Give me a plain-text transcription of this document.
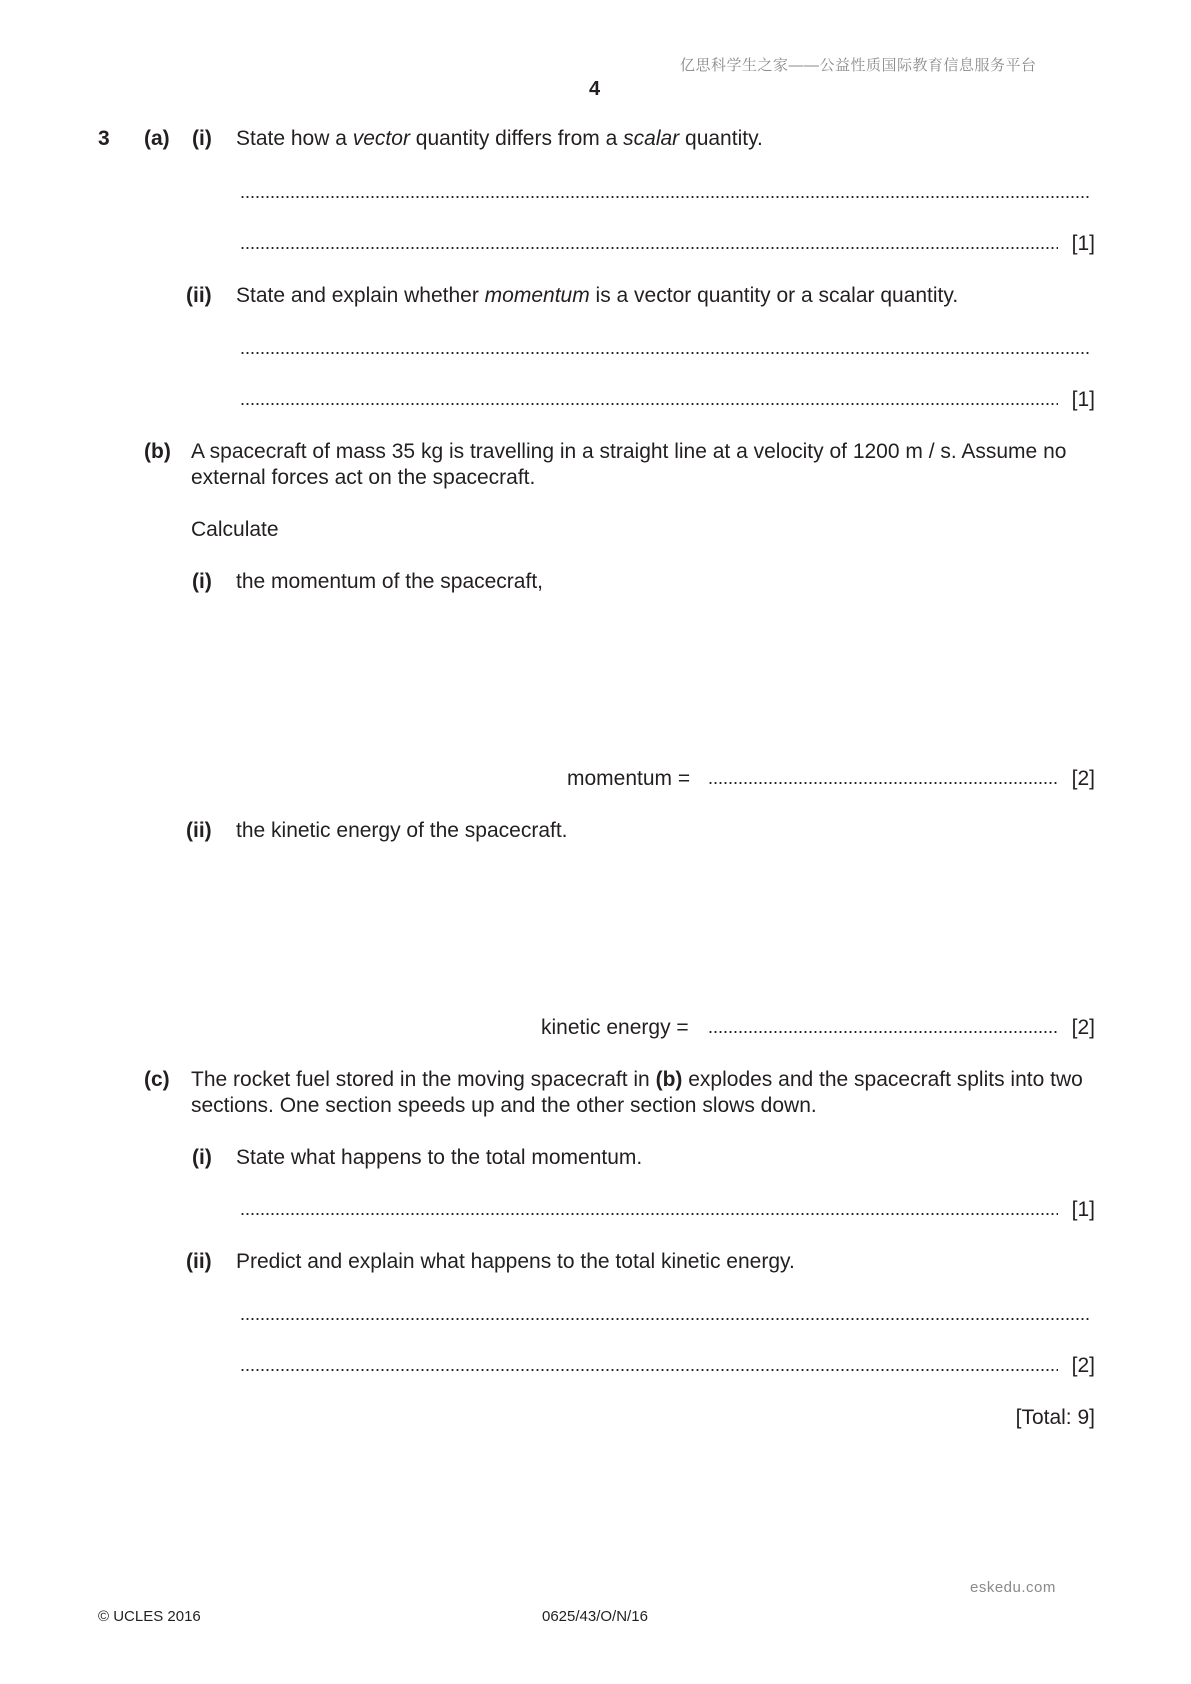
亿思科学生之家——公益性质国际教育信息服务平台
4
3 (a) (i) State how a vector quantity differs from a scalar quantity.
[1]
(ii) State and explain whether momentum is a vector quantity or a scalar quantity.
[1]
(b) A spacecraft of mass 35 kg is travelling in a straight line at a velocity of 1200 m / s. Assume no external forces act on the spacecraft.
Calculate
(i) the momentum of the spacecraft,
momentum =	[2]
(ii) the kinetic energy of the spacecraft.
kinetic energy =	[2]
(c) The rocket fuel stored in the moving spacecraft in (b) explodes and the spacecraft splits into two sections. One section speeds up and the other section slows down.
(i) State what happens to the total momentum.
[1]
(ii) Predict and explain what happens to the total kinetic energy.
[2]
[Total: 9]
eskedu.com
© UCLES 2016	0625/43/O/N/16
